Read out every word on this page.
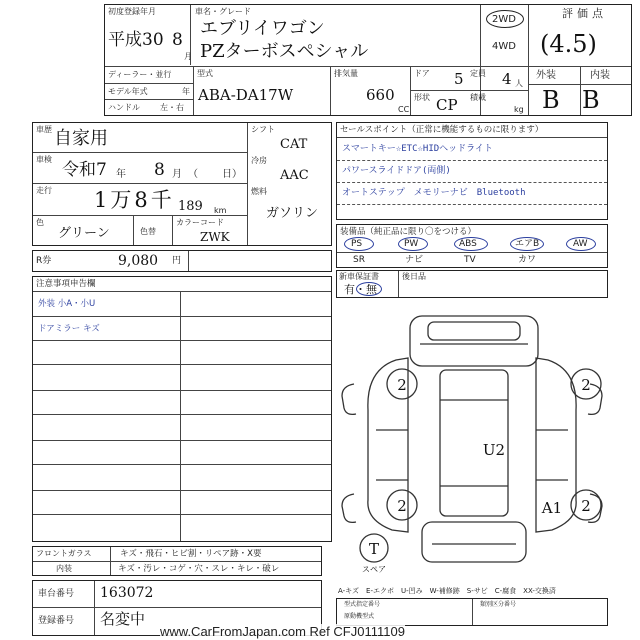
初度登録年月
平成30 8
月
車名・グレード
エブリイワゴン
PZターボスペシャル
2WD
4WD
評価点
(4.5)
ディーラー・並行
モデル年式	年
ハンドル	左・右
型式
ABA-DA17W
排気量
660
CC
ドア 5 定員 4 人
形状 CP 積載
kg
外装	内装
B B
車歴 自家用
車検
令和7 年 8 月 （ 日）
走行 1万8千 189 km
色
グリーン	色替
カラーコード
ZWK
シフト
CAT
冷房
AAC
燃料
ガソリン
R券	9,080 円
セールスポイント（正常に機能するものに限ります）
スマートキー☆ETC☆HIDヘッドライト
パワースライドドア(両側)
オートステップ　メモリーナビ　Bluetooth
装備品（純正品に限り〇をつける）
PS	PW	ABS	エアB	AW
SR	ナビ	TV	カワ
新車保証書	後日品
有・無
注意事項申告欄
外装 小A・小U
ドアミラー キズ
フロントガラス	キズ・飛石・ヒビ割・リペア跡・X要
内装	キズ・汚レ・コゲ・穴・スレ・キレ・破レ
車台番号 163072
登録番号 名変中
型式指定番号	類別区分番号
原動機型式
A-キズ　E-エクボ　U-凹み　W-補修跡　S-サビ　C-腐食　XX-交換済
www.CarFromJapan.com Ref CFJ0111109
2	2
U2
2	2
A1
T
スペア
